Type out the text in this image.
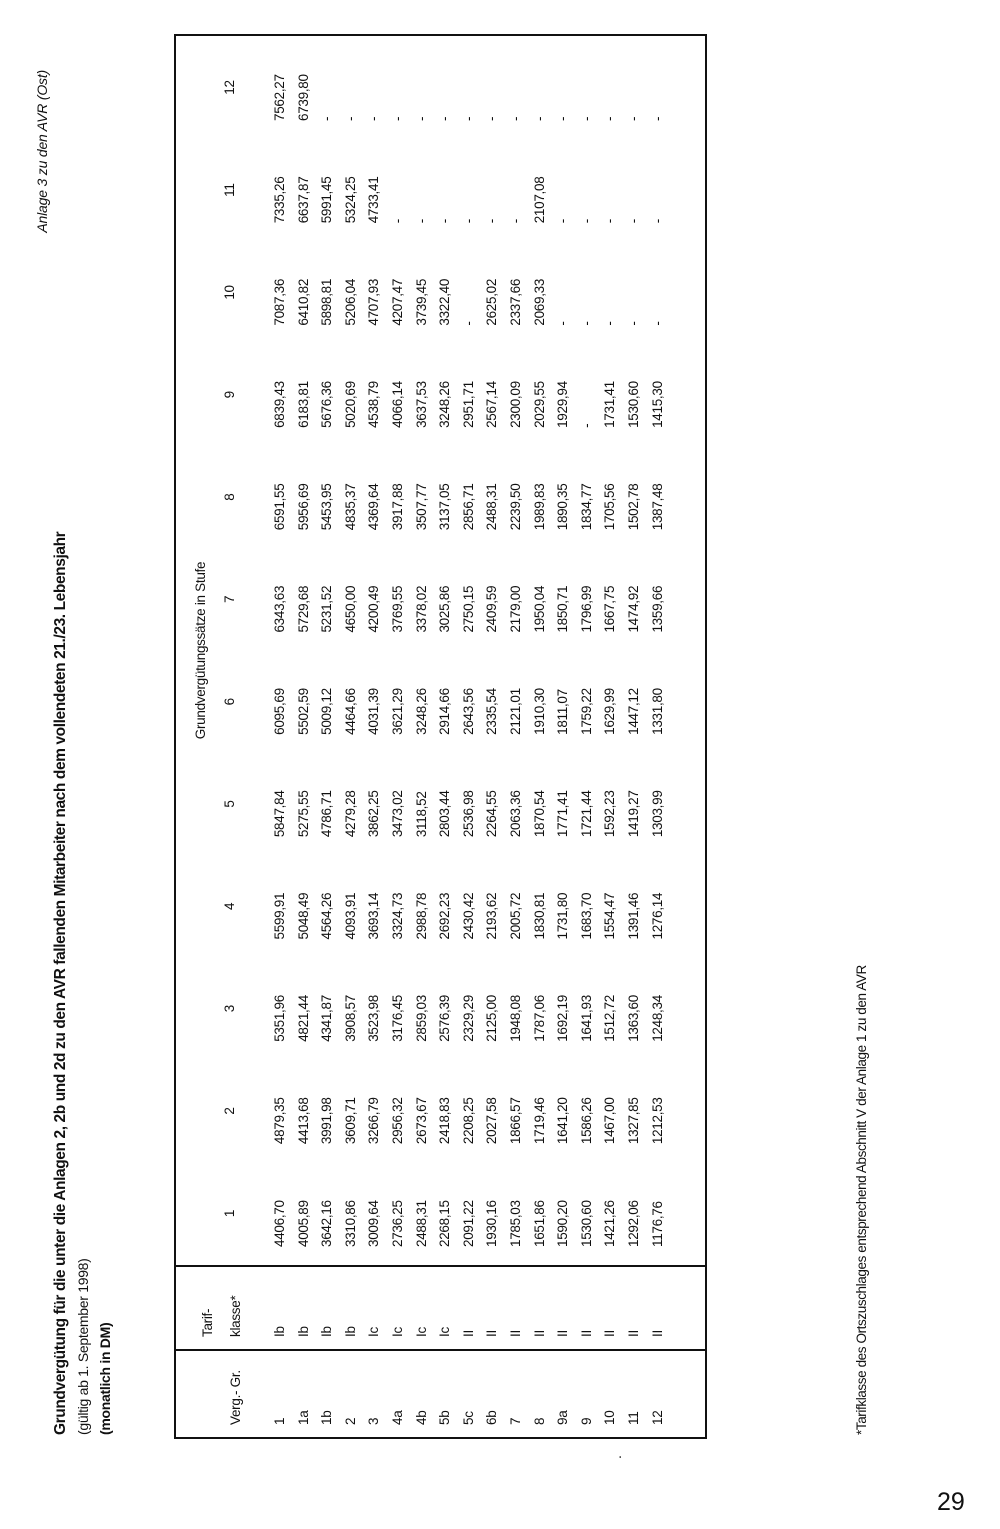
Anlage 3 zu den AVR (Ost)
Grundvergütung für die unter die Anlagen 2, 2b und 2d zu den AVR fallenden Mitarbeiter nach dem vollendeten 21./23. Lebensjahr (gültig ab 1. September 1998) (monatlich in DM)	Verg.- Gr.	Tarif- klasse*	Grundvergütungssätze in Stufe											
		1	2	3	4	5	6	7	8	9	10	11	12
1	Ib	4406,70	4879,35	5351,96	5599,91	5847,84	6095,69	6343,63	6591,55	6839,43	7087,36	7335,26	7562,27
1a	Ib	4005,89	4413,68	4821,44	5048,49	5275,55	5502,59	5729,68	5956,69	6183,81	6410,82	6637,87	6739,80
1b	Ib	3642,16	3991,98	4341,87	4564,26	4786,71	5009,12	5231,52	5453,95	5676,36	5898,81	5991,45	-
2	Ib	3310,86	3609,71	3908,57	4093,91	4279,28	4464,66	4650,00	4835,37	5020,69	5206,04	5324,25	-
3	Ic	3009,64	3266,79	3523,98	3693,14	3862,25	4031,39	4200,49	4369,64	4538,79	4707,93	4733,41	-
4a	Ic	2736,25	2956,32	3176,45	3324,73	3473,02	3621,29	3769,55	3917,88	4066,14	4207,47	-	-
4b	Ic	2488,31	2673,67	2859,03	2988,78	3118,52	3248,26	3378,02	3507,77	3637,53	3739,45	-	-
5b	Ic	2268,15	2418,83	2576,39	2692,23	2803,44	2914,66	3025,86	3137,05	3248,26	3322,40	-	-
5c	II	2091,22	2208,25	2329,29	2430,42	2536,98	2643,56	2750,15	2856,71	2951,71	-	-	-
6b	II	1930,16	2027,58	2125,00	2193,62	2264,55	2335,54	2409,59	2488,31	2567,14	2625,02	-	-
7	II	1785,03	1866,57	1948,08	2005,72	2063,36	2121,01	2179,00	2239,50	2300,09	2337,66	-	-
8	II	1651,86	1719,46	1787,06	1830,81	1870,54	1910,30	1950,04	1989,83	2029,55	2069,33	2107,08	-
9a	II	1590,20	1641,20	1692,19	1731,80	1771,41	1811,07	1850,71	1890,35	1929,94	-	-	-
9	II	1530,60	1586,26	1641,93	1683,70	1721,44	1759,22	1796,99	1834,77	-	-	-	-
10	II	1421,26	1467,00	1512,72	1554,47	1592,23	1629,99	1667,75	1705,56	1731,41	-	-	-
11	II	1292,06	1327,85	1363,60	1391,46	1419,27	1447,12	1474,92	1502,78	1530,60	-	-	-
12	II	1176,76	1212,53	1248,34	1276,14	1303,99	1331,80	1359,66	1387,48	1415,30	-	-	-
.
*Tarifklasse des Ortszuschlages entsprechend Abschnitt V der Anlage 1 zu den AVR
29
